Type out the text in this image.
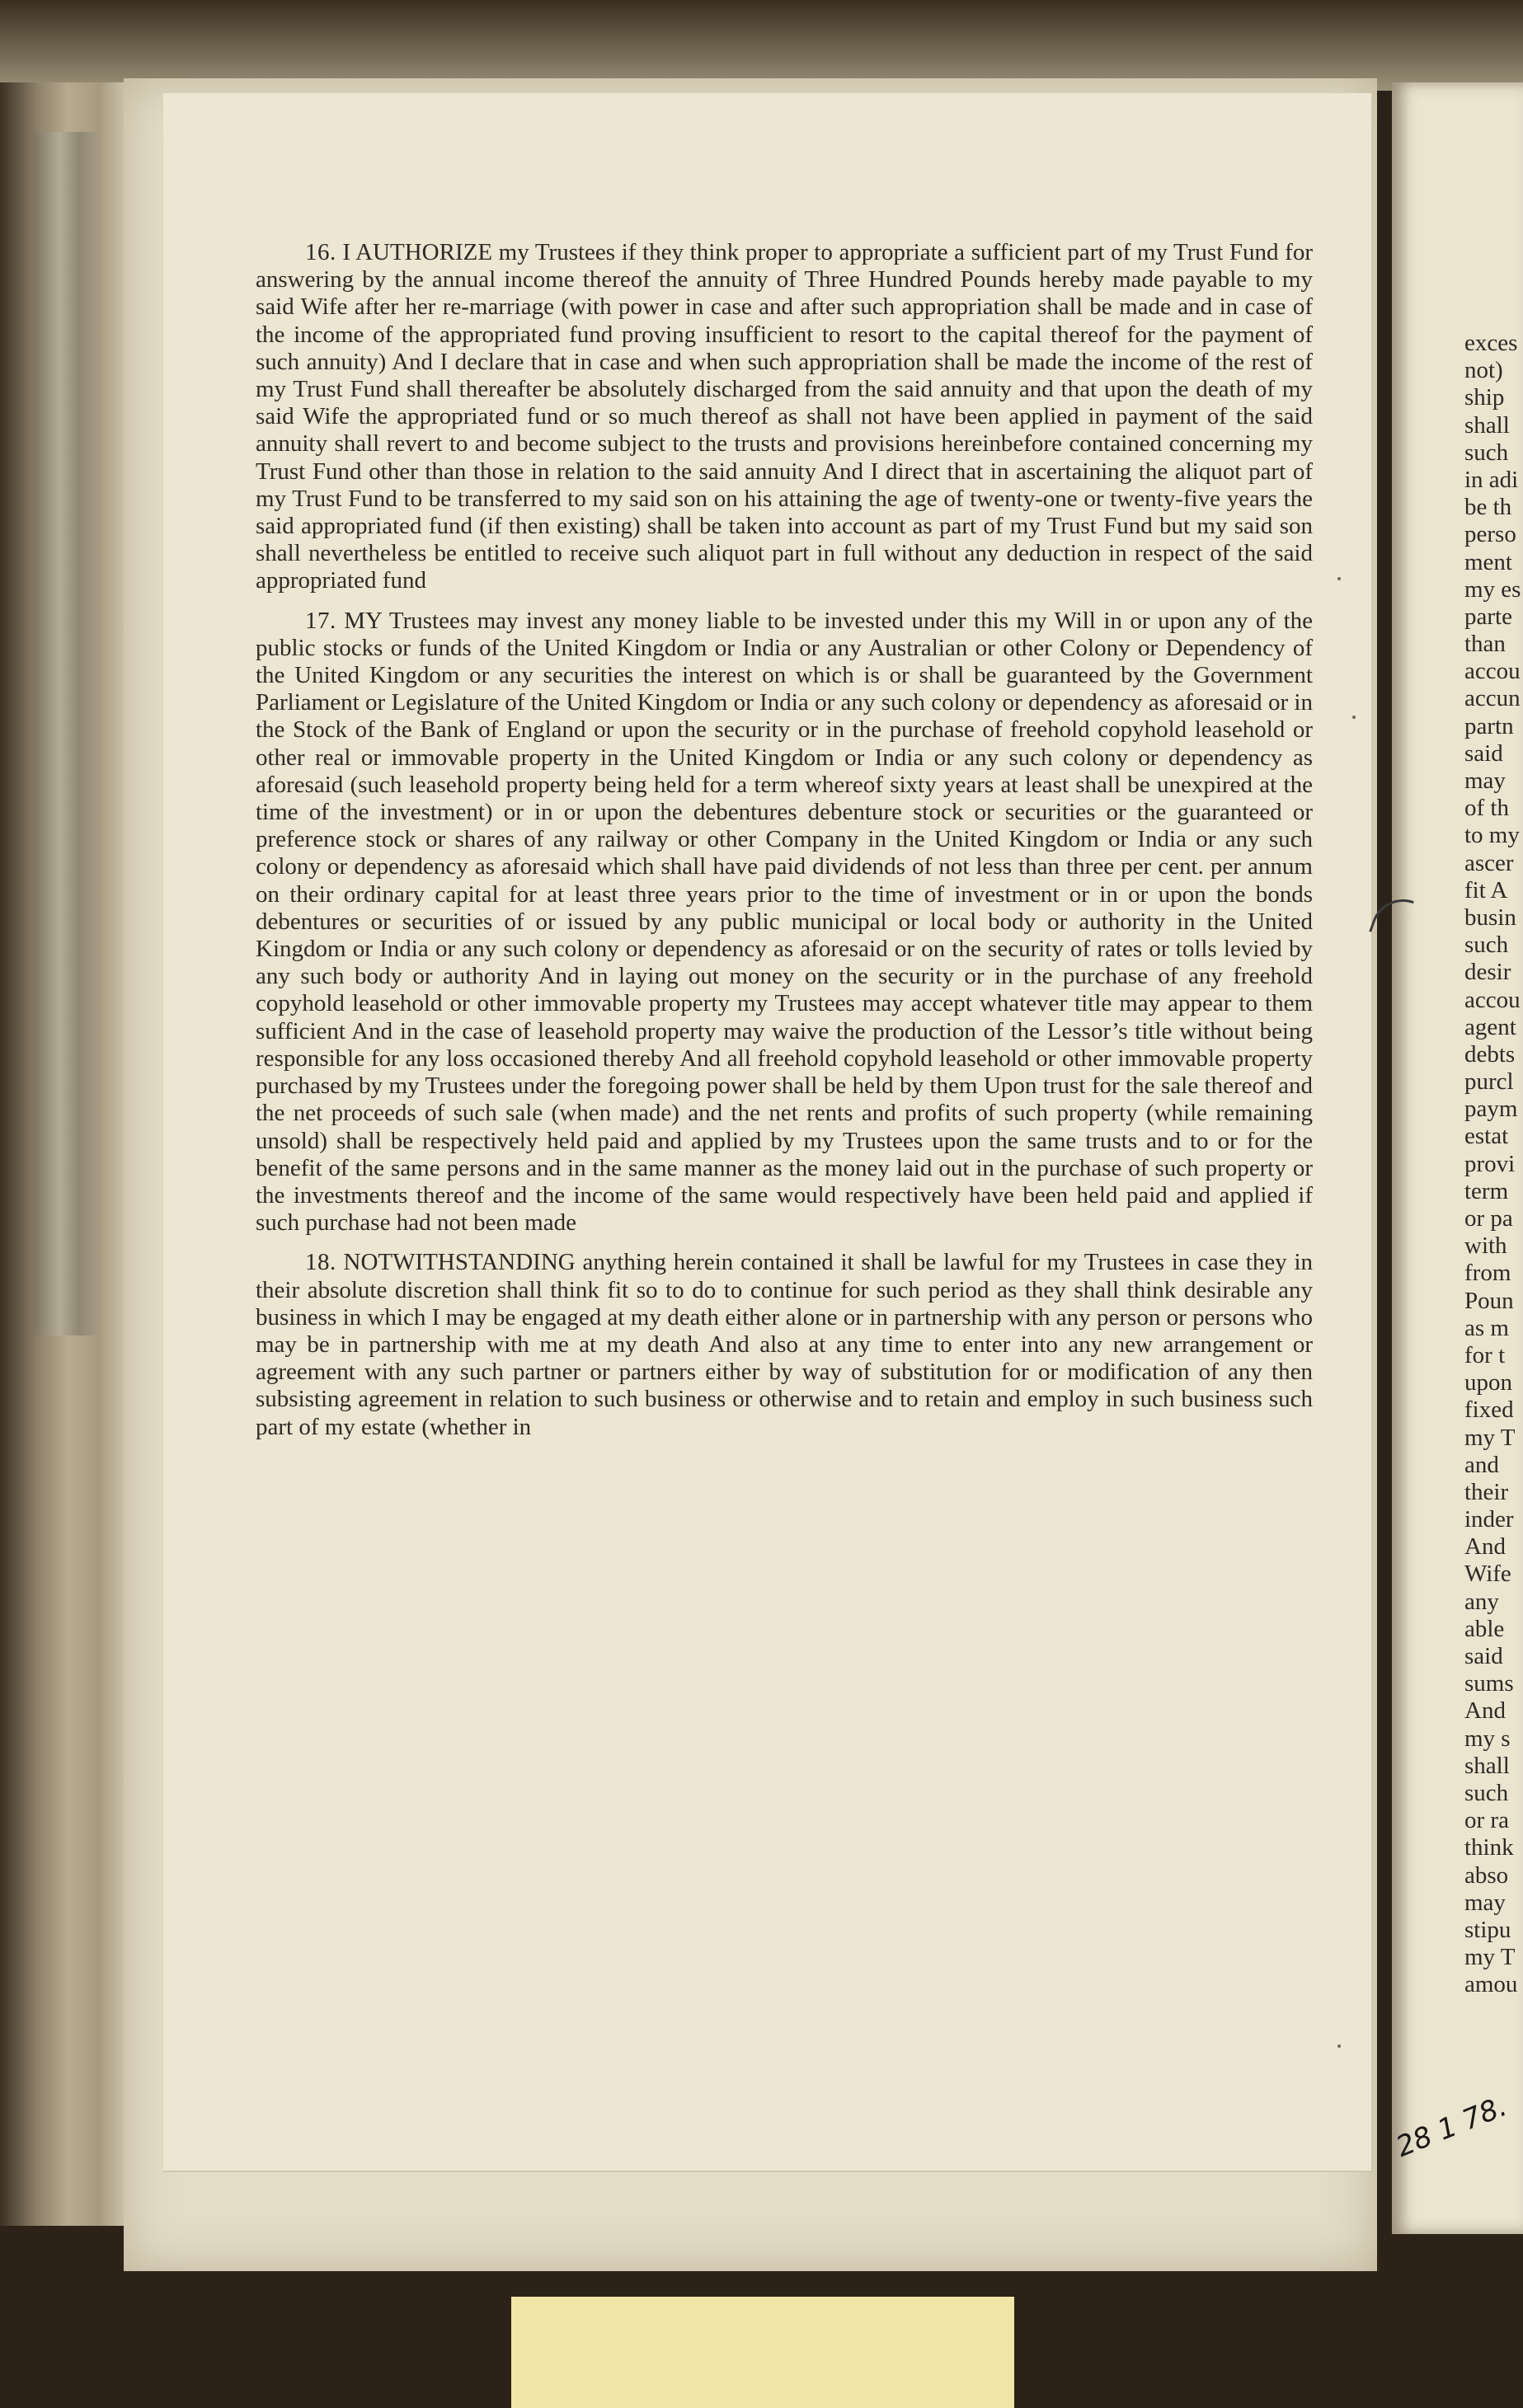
16. I AUTHORIZE my Trustees if they think proper to appropriate a sufficient part of my Trust Fund for answering by the annual income thereof the annuity of Three Hundred Pounds hereby made payable to my said Wife after her re-marriage (with power in case and after such appropriation shall be made and in case of the income of the appropriated fund proving insufficient to resort to the capital thereof for the payment of such annuity) And I declare that in case and when such appropriation shall be made the income of the rest of my Trust Fund shall thereafter be absolutely discharged from the said annuity and that upon the death of my said Wife the appropriated fund or so much thereof as shall not have been applied in payment of the said annuity shall revert to and become subject to the trusts and provisions hereinbefore contained concerning my Trust Fund other than those in relation to the said annuity And I direct that in ascertaining the aliquot part of my Trust Fund to be transferred to my said son on his attaining the age of twenty-one or twenty-five years the said appropriated fund (if then existing) shall be taken into account as part of my Trust Fund but my said son shall nevertheless be entitled to receive such aliquot part in full without any deduction in respect of the said appropriated fund

17. MY Trustees may invest any money liable to be invested under this my Will in or upon any of the public stocks or funds of the United Kingdom or India or any Australian or other Colony or Dependency of the United Kingdom or any securities the interest on which is or shall be guaranteed by the Government Parliament or Legislature of the United Kingdom or India or any such colony or dependency as aforesaid or in the Stock of the Bank of England or upon the security or in the purchase of freehold copyhold leasehold or other real or immovable property in the United Kingdom or India or any such colony or dependency as aforesaid (such leasehold property being held for a term whereof sixty years at least shall be unexpired at the time of the investment) or in or upon the debentures debenture stock or securities or the guaranteed or preference stock or shares of any railway or other Company in the United Kingdom or India or any such colony or dependency as aforesaid which shall have paid dividends of not less than three per cent. per annum on their ordinary capital for at least three years prior to the time of investment or in or upon the bonds debentures or securities of or issued by any public municipal or local body or authority in the United Kingdom or India or any such colony or dependency as aforesaid or on the security of rates or tolls levied by any such body or authority And in laying out money on the security or in the purchase of any freehold copyhold leasehold or other immovable property my Trustees may accept whatever title may appear to them sufficient And in the case of leasehold property may waive the production of the Lessor’s title without being responsible for any loss occasioned thereby And all freehold copyhold leasehold or other immovable property purchased by my Trustees under the foregoing power shall be held by them Upon trust for the sale thereof and the net proceeds of such sale (when made) and the net rents and profits of such property (while remaining unsold) shall be respectively held paid and applied by my Trustees upon the same trusts and to or for the benefit of the same persons and in the same manner as the money laid out in the purchase of such property or the investments thereof and the income of the same would respectively have been held paid and applied if such purchase had not been made

18. NOTWITHSTANDING anything herein contained it shall be lawful for my Trustees in case they in their absolute discretion shall think fit so to do to continue for such period as they shall think desirable any business in which I may be engaged at my death either alone or in partnership with any person or persons who may be in partnership with me at my death And also at any time to enter into any new arrangement or agreement with any such partner or partners either by way of substitution for or modification of any then subsisting agreement in relation to such business or otherwise and to retain and employ in such business such part of my estate (whether in

exces
not)
ship
shall
such
in adi
be th
perso
ment
my es
parte
than
accou
accun
partn
said
may
of th
to my
ascer
fit A
busin
such
desir
accou
agent
debts
purcl
paym
estat
provi
term
or pa
with
from
Poun
as m
for t
upon
fixed
my T
and
their
inder
And
Wife
any
able
said
sums
And
my s
shall
such
or ra
think
abso
may
stipu
my T
amou
28 1 78.
